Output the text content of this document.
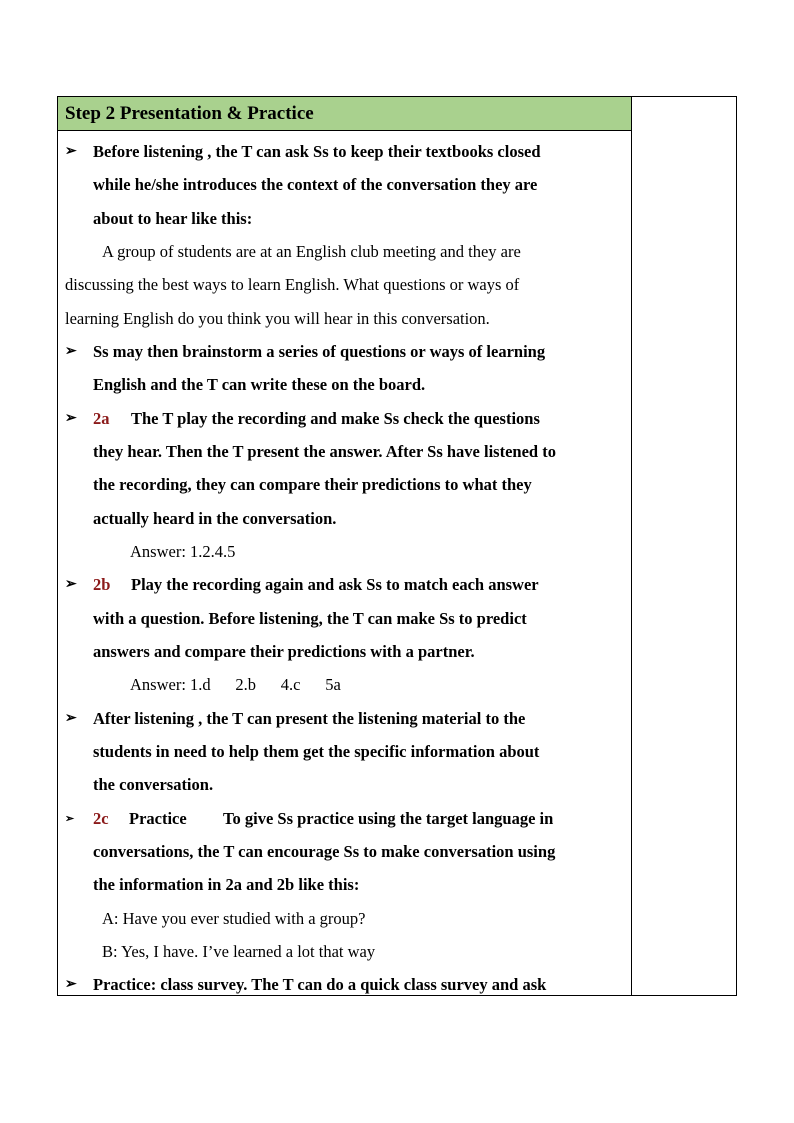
Step 2 Presentation & Practice
➢ Before listening , the T can ask Ss to keep their textbooks closed
while he/she introduces the context of the conversation they are
about to hear like this:
A group of students are at an English club meeting and they are
discussing the best ways to learn English. What questions or ways of
learning English do you think you will hear in this conversation.
➢ Ss may then brainstorm a series of questions or ways of learning
English and the T can write these on the board.
➢ 2a The T play the recording and make Ss check the questions
they hear. Then the T present the answer. After Ss have listened to
the recording, they can compare their predictions to what they
actually heard in the conversation.
Answer: 1.2.4.5
➢ 2b Play the recording again and ask Ss to match each answer
with a question. Before listening, the T can make Ss to predict
answers and compare their predictions with a partner.
Answer: 1.d      2.b      4.c      5a
➢ After listening , the T can present the listening material to the
students in need to help them get the specific information about
the conversation.
➢ 2c Practice To give Ss practice using the target language in
conversations, the T can encourage Ss to make conversation using
the information in 2a and 2b like this:
A: Have you ever studied with a group?
B: Yes, I have. I’ve learned a lot that way
➢ Practice: class survey. The T can do a quick class survey and ask
